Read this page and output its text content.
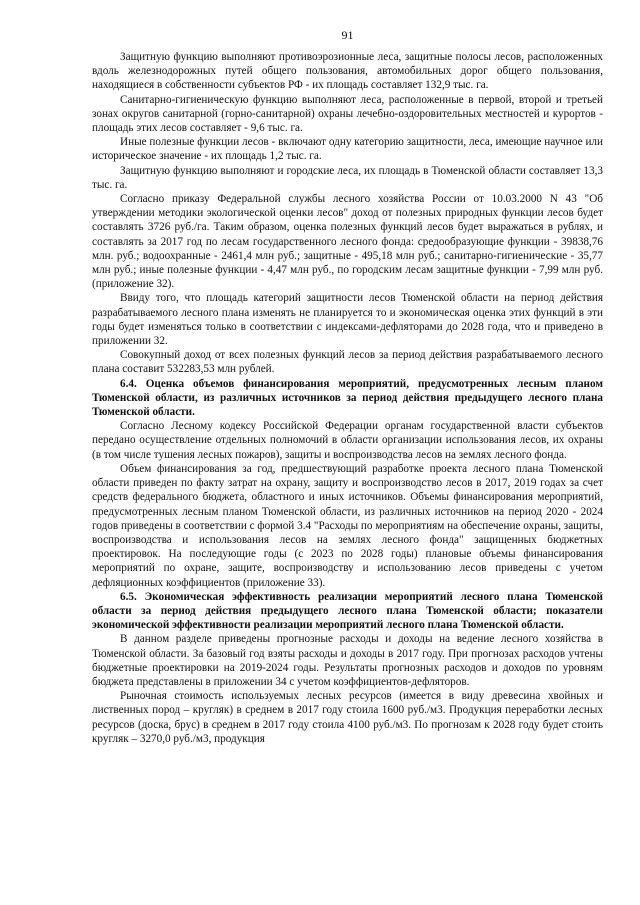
91

Защитную функцию выполняют противоэрозионные леса, защитные полосы лесов, расположенных вдоль железнодорожных путей общего пользования, автомобильных дорог общего пользования, находящиеся в собственности субъектов РФ - их площадь составляет 132,9 тыс. га.

Санитарно-гигиеническую функцию выполняют леса, расположенные в первой, второй и третьей зонах округов санитарной (горно-санитарной) охраны лечебно-оздоровительных местностей и курортов - площадь этих лесов составляет - 9,6 тыс. га.

Иные полезные функции лесов - включают одну категорию защитности, леса, имеющие научное или историческое значение - их площадь 1,2 тыс. га.

Защитную функцию выполняют и городские леса, их площадь в Тюменской области составляет 13,3 тыс. га.

Согласно приказу Федеральной службы лесного хозяйства России от 10.03.2000 N 43 "Об утверждении методики экологической оценки лесов" доход от полезных природных функции лесов будет составлять 3726 руб./га. Таким образом, оценка полезных функций лесов будет выражаться в рублях, и составлять за 2017 год по лесам государственного лесного фонда: средообразующие функции - 39838,76 млн. руб.; водоохранные - 2461,4 млн руб.; защитные - 495,18 млн руб.; санитарно-гигиенические - 35,77 млн руб.; иные полезные функции - 4,47 млн руб., по городским лесам защитные функции - 7,99 млн руб. (приложение 32).

Ввиду того, что площадь категорий защитности лесов Тюменской области на период действия разрабатываемого лесного плана изменять не планируется то и экономическая оценка этих функций в эти годы будет изменяться только в соответствии с индексами-дефляторами до 2028 года, что и приведено в приложении 32.

Совокупный доход от всех полезных функций лесов за период действия разрабатываемого лесного плана составит 532283,53 млн рублей.

6.4. Оценка объемов финансирования мероприятий, предусмотренных лесным планом Тюменской области, из различных источников за период действия предыдущего лесного плана Тюменской области.

Согласно Лесному кодексу Российской Федерации органам государственной власти субъектов передано осуществление отдельных полномочий в области организации использования лесов, их охраны (в том числе тушения лесных пожаров), защиты и воспроизводства лесов на землях лесного фонда.

Объем финансирования за год, предшествующий разработке проекта лесного плана Тюменской области приведен по факту затрат на охрану, защиту и воспроизводство лесов в 2017, 2019 годах за счет средств федерального бюджета, областного и иных источников. Объемы финансирования мероприятий, предусмотренных лесным планом Тюменской области, из различных источников на период 2020 - 2024 годов приведены в соответствии с формой 3.4 "Расходы по мероприятиям на обеспечение охраны, защиты, воспроизводства и использования лесов на землях лесного фонда" защищенных бюджетных проектировок. На последующие годы (с 2023 по 2028 годы) плановые объемы финансирования мероприятий по охране, защите, воспроизводству и использованию лесов приведены с учетом дефляционных коэффициентов (приложение 33).

6.5. Экономическая эффективность реализации мероприятий лесного плана Тюменской области за период действия предыдущего лесного плана Тюменской области; показатели экономической эффективности реализации мероприятий лесного плана Тюменской области.

В данном разделе приведены прогнозные расходы и доходы на ведение лесного хозяйства в Тюменской области. За базовый год взяты расходы и доходы в 2017 году. При прогнозах расходов учтены бюджетные проектировки на 2019-2024 годы. Результаты прогнозных расходов и доходов по уровням бюджета представлены в приложении 34 с учетом коэффициентов-дефляторов.

Рыночная стоимость используемых лесных ресурсов (имеется в виду древесина хвойных и лиственных пород – кругляк) в среднем в 2017 году стоила 1600 руб./м3. Продукция переработки лесных ресурсов (доска, брус) в среднем в 2017 году стоила 4100 руб./м3. По прогнозам к 2028 году будет стоить кругляк – 3270,0 руб./м3, продукция
